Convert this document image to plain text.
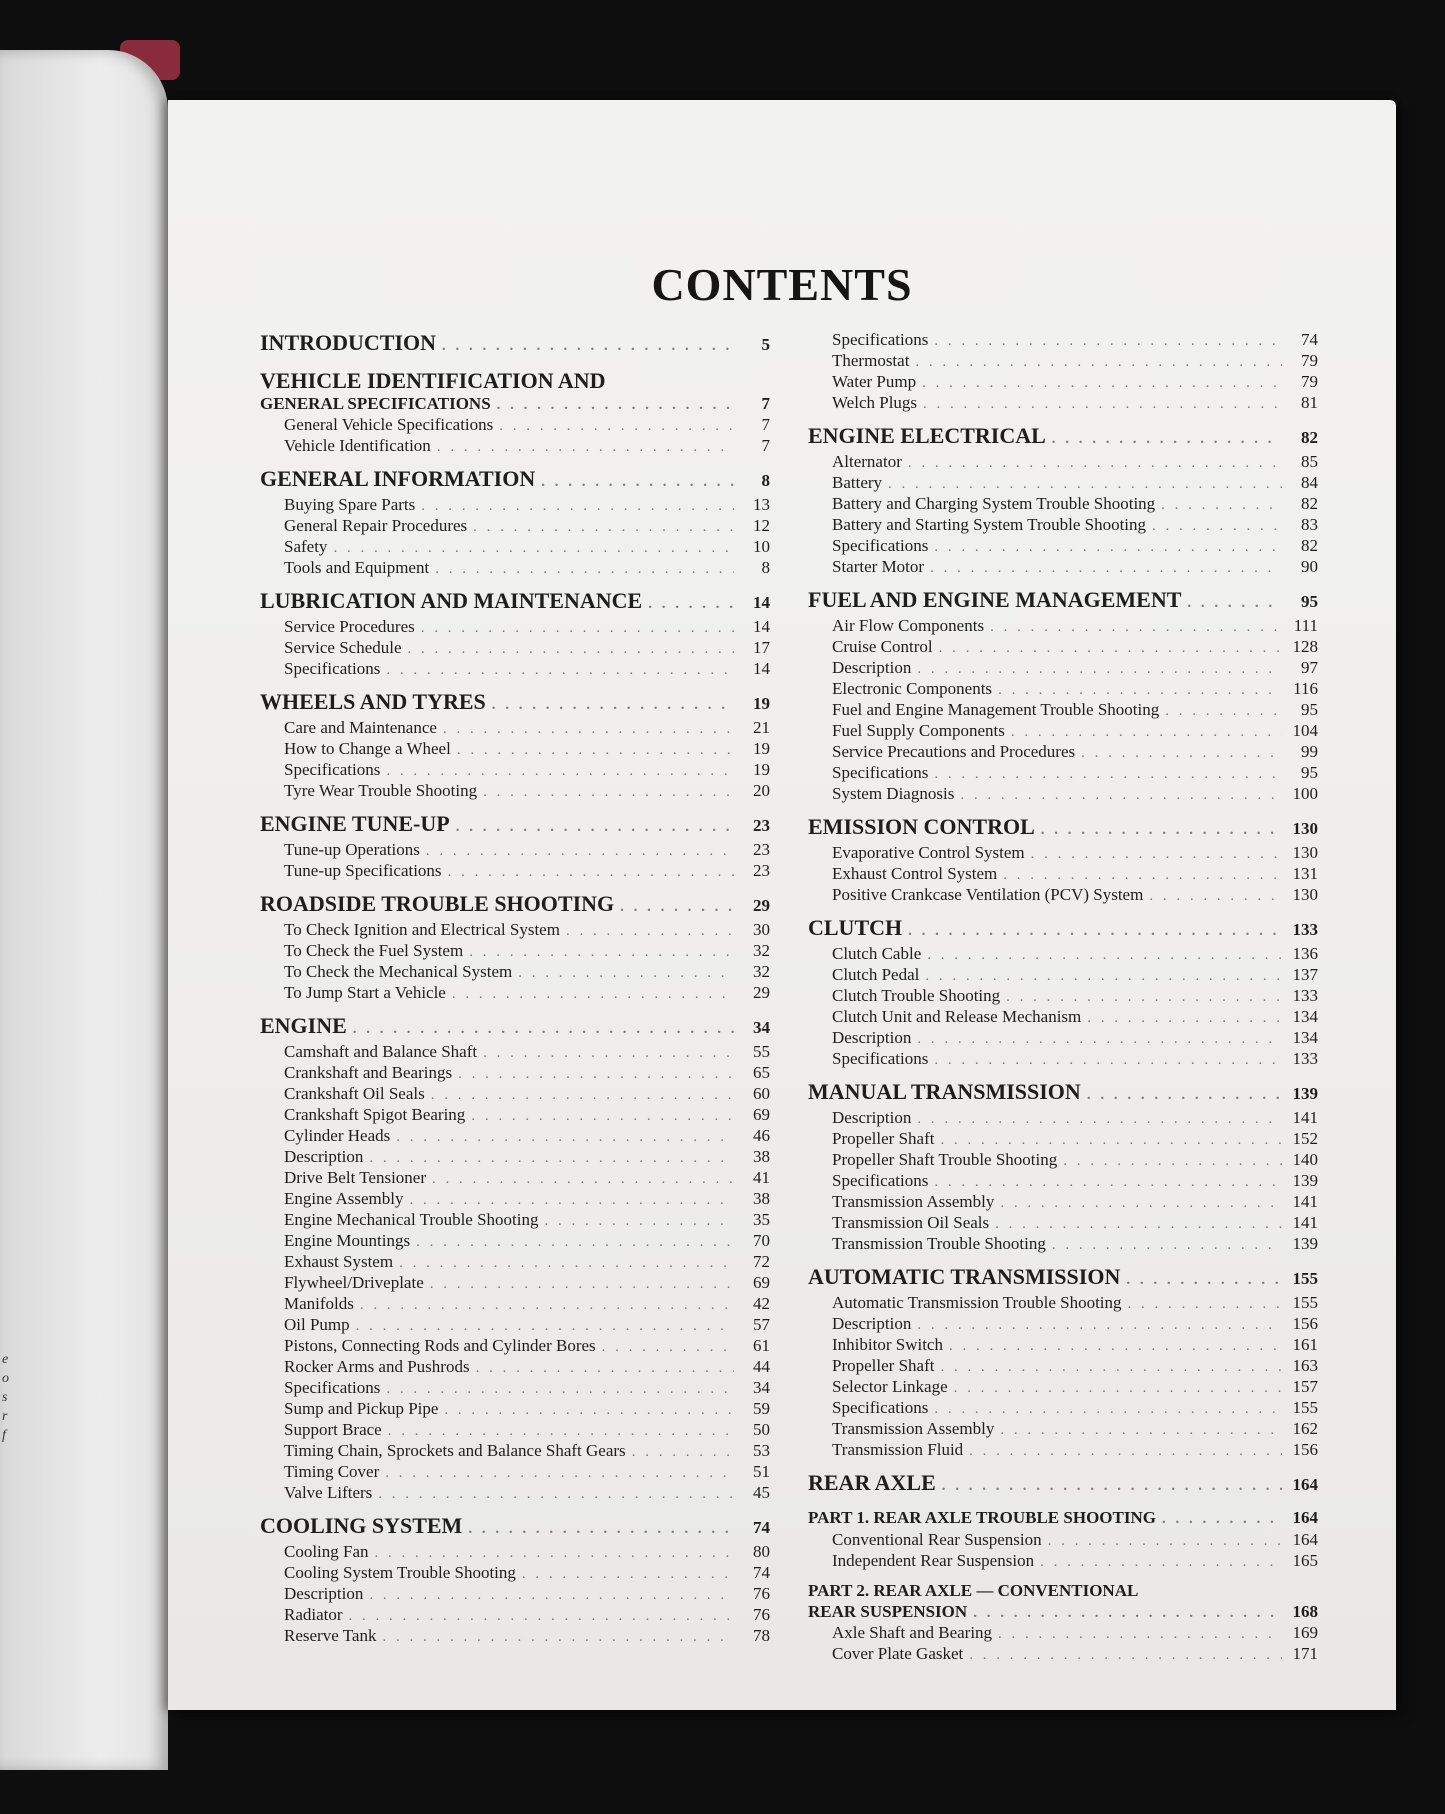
e
o
s
r
f
CONTENTS
INTRODUCTION . . .	5
VEHICLE IDENTIFICATION AND
GENERAL SPECIFICATIONS . . .	7
General Vehicle Specifications . . .	7
Vehicle Identification . . .	7
GENERAL INFORMATION . . .	8
Buying Spare Parts . . .	13
General Repair Procedures . . .	12
Safety . . .	10
Tools and Equipment . . .	8
LUBRICATION AND MAINTENANCE . . .	14
Service Procedures . . .	14
Service Schedule . . .	17
Specifications . . .	14
WHEELS AND TYRES . . .	19
Care and Maintenance . . .	21
How to Change a Wheel . . .	19
Specifications . . .	19
Tyre Wear Trouble Shooting . . .	20
ENGINE TUNE-UP . . .	23
Tune-up Operations . . .	23
Tune-up Specifications . . .	23
ROADSIDE TROUBLE SHOOTING . . .	29
To Check Ignition and Electrical System . . .	30
To Check the Fuel System . . .	32
To Check the Mechanical System . . .	32
To Jump Start a Vehicle . . .	29
ENGINE . . .	34
Camshaft and Balance Shaft . . .	55
Crankshaft and Bearings . . .	65
Crankshaft Oil Seals . . .	60
Crankshaft Spigot Bearing . . .	69
Cylinder Heads . . .	46
Description . . .	38
Drive Belt Tensioner . . .	41
Engine Assembly . . .	38
Engine Mechanical Trouble Shooting . . .	35
Engine Mountings . . .	70
Exhaust System . . .	72
Flywheel/Driveplate . . .	69
Manifolds . . .	42
Oil Pump . . .	57
Pistons, Connecting Rods and Cylinder Bores . . .	61
Rocker Arms and Pushrods . . .	44
Specifications . . .	34
Sump and Pickup Pipe . . .	59
Support Brace . . .	50
Timing Chain, Sprockets and Balance Shaft Gears . . .	53
Timing Cover . . .	51
Valve Lifters . . .	45
COOLING SYSTEM . . .	74
Cooling Fan . . .	80
Cooling System Trouble Shooting . . .	74
Description . . .	76
Radiator . . .	76
Reserve Tank . . .	78
Specifications . . .	74
Thermostat . . .	79
Water Pump . . .	79
Welch Plugs . . .	81
ENGINE ELECTRICAL . . .	82
Alternator . . .	85
Battery . . .	84
Battery and Charging System Trouble Shooting . . .	82
Battery and Starting System Trouble Shooting . . .	83
Specifications . . .	82
Starter Motor . . .	90
FUEL AND ENGINE MANAGEMENT . . .	95
Air Flow Components . . .	111
Cruise Control . . .	128
Description . . .	97
Electronic Components . . .	116
Fuel and Engine Management Trouble Shooting . . .	95
Fuel Supply Components . . .	104
Service Precautions and Procedures . . .	99
Specifications . . .	95
System Diagnosis . . .	100
EMISSION CONTROL . . .	130
Evaporative Control System . . .	130
Exhaust Control System . . .	131
Positive Crankcase Ventilation (PCV) System . . .	130
CLUTCH . . .	133
Clutch Cable . . .	136
Clutch Pedal . . .	137
Clutch Trouble Shooting . . .	133
Clutch Unit and Release Mechanism . . .	134
Description . . .	134
Specifications . . .	133
MANUAL TRANSMISSION . . .	139
Description . . .	141
Propeller Shaft . . .	152
Propeller Shaft Trouble Shooting . . .	140
Specifications . . .	139
Transmission Assembly . . .	141
Transmission Oil Seals . . .	141
Transmission Trouble Shooting . . .	139
AUTOMATIC TRANSMISSION . . .	155
Automatic Transmission Trouble Shooting . . .	155
Description . . .	156
Inhibitor Switch . . .	161
Propeller Shaft . . .	163
Selector Linkage . . .	157
Specifications . . .	155
Transmission Assembly . . .	162
Transmission Fluid . . .	156
REAR AXLE . . .	164
PART 1. REAR AXLE TROUBLE SHOOTING . . .	164
Conventional Rear Suspension . . .	164
Independent Rear Suspension . . .	165
PART 2. REAR AXLE — CONVENTIONAL
REAR SUSPENSION . . .	168
Axle Shaft and Bearing . . .	169
Cover Plate Gasket . . .	171
